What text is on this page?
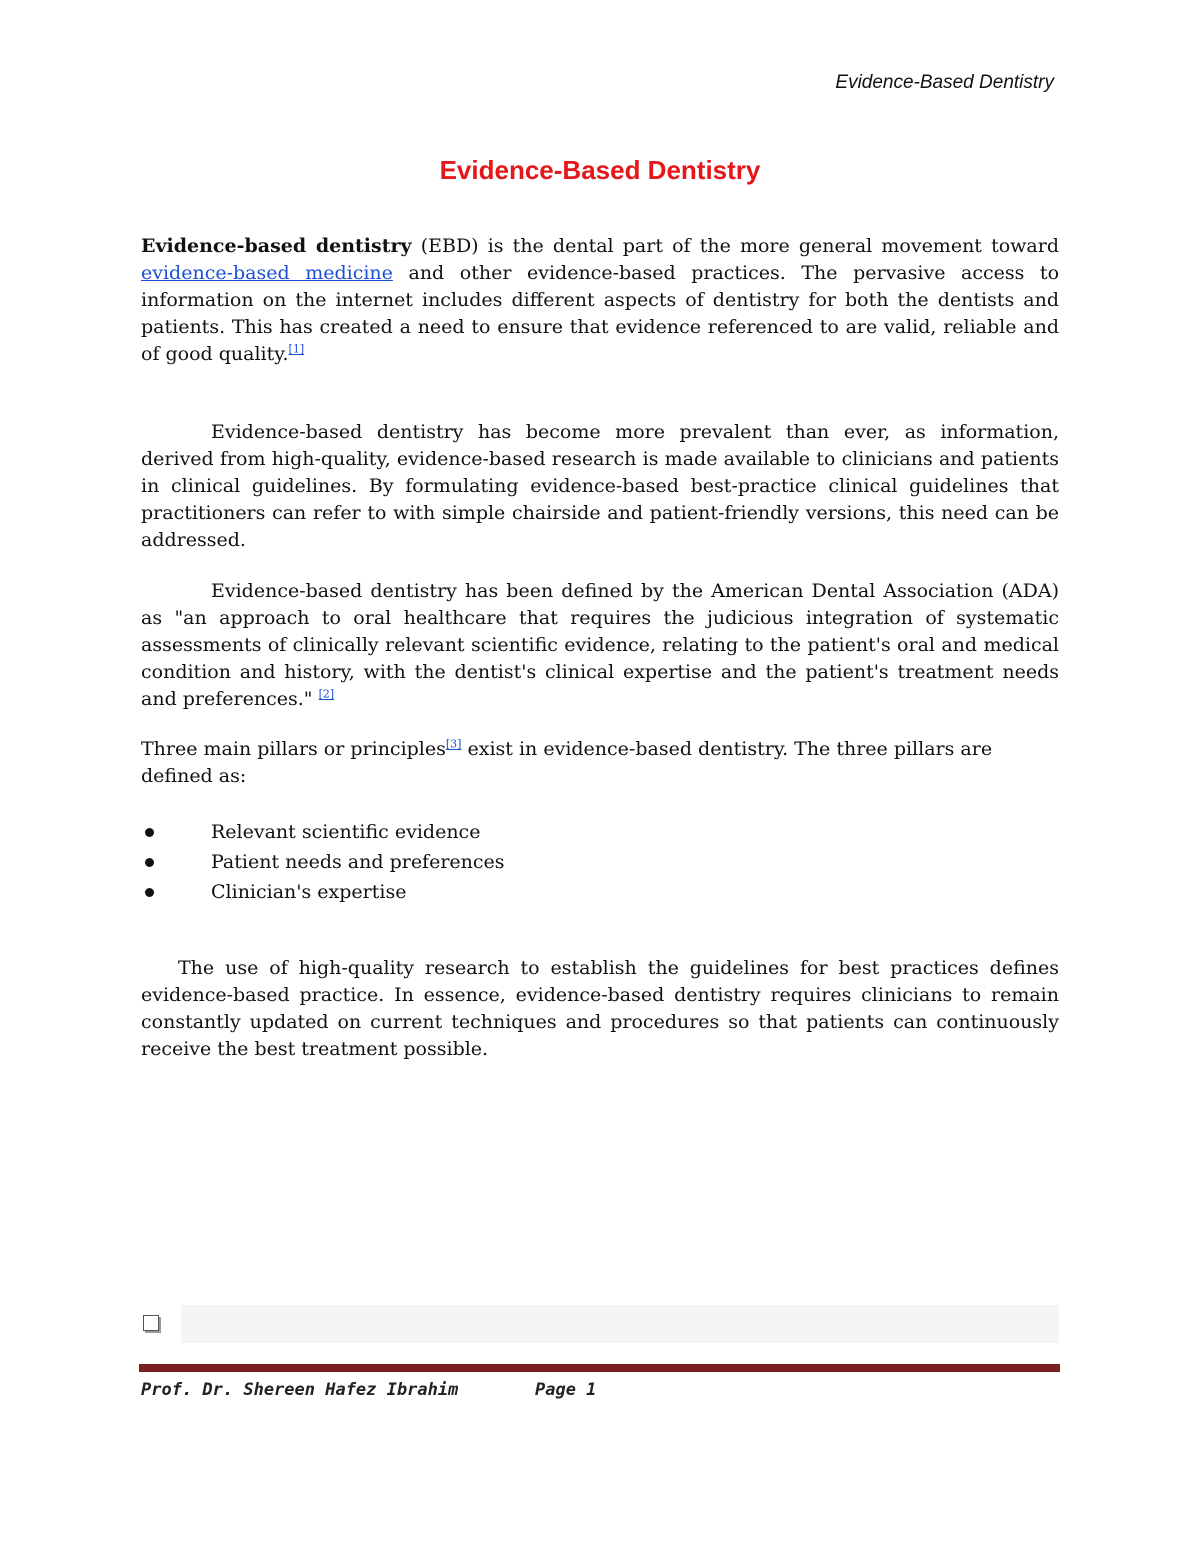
Evidence-Based Dentistry
Evidence-Based Dentistry

Evidence-based dentistry (EBD) is the dental part of the more general movement toward evidence-based medicine and other evidence-based practices. The pervasive access to information on the internet includes different aspects of dentistry for both the dentists and patients. This has created a need to ensure that evidence referenced to are valid, reliable and of good quality.[1]

Evidence-based dentistry has become more prevalent than ever, as information, derived from high-quality, evidence-based research is made available to clinicians and patients in clinical guidelines. By formulating evidence-based best-practice clinical guidelines that practitioners can refer to with simple chairside and patient-friendly versions, this need can be addressed.

Evidence-based dentistry has been defined by the American Dental Association (ADA) as "an approach to oral healthcare that requires the judicious integration of systematic assessments of clinically relevant scientific evidence, relating to the patient's oral and medical condition and history, with the dentist's clinical expertise and the patient's treatment needs and preferences." [2]

Three main pillars or principles[3] exist in evidence-based dentistry. The three pillars are defined as:

Relevant scientific evidence
Patient needs and preferences
Clinician's expertise

The use of high-quality research to establish the guidelines for best practices defines evidence-based practice. In essence, evidence-based dentistry requires clinicians to remain constantly updated on current techniques and procedures so that patients can continuously receive the best treatment possible.

Prof. Dr. Shereen Hafez Ibrahim	Page 1
